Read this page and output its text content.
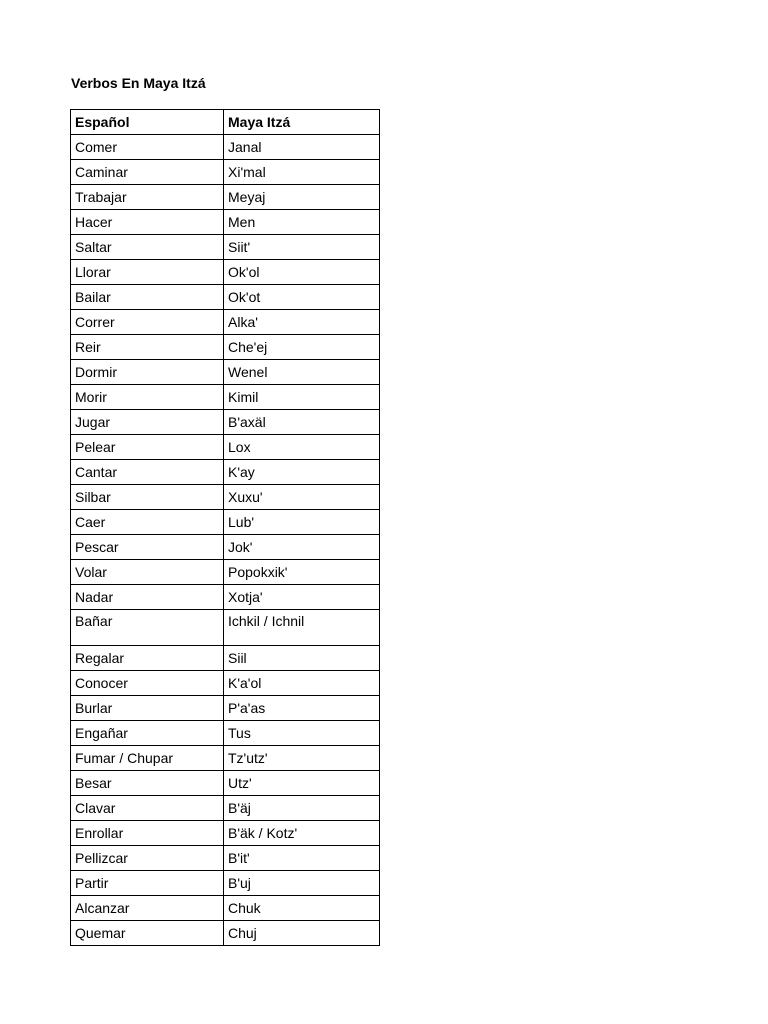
Verbos En Maya Itzá
Español	Maya Itzá
Comer	Janal
Caminar	Xi'mal
Trabajar	Meyaj
Hacer	Men
Saltar	Siit'
Llorar	Ok'ol
Bailar	Ok'ot
Correr	Alka'
Reir	Che'ej
Dormir	Wenel
Morir	Kimil
Jugar	B'axäl
Pelear	Lox
Cantar	K'ay
Silbar	Xuxu'
Caer	Lub'
Pescar	Jok'
Volar	Popokxik'
Nadar	Xotja'
Bañar	Ichkil / Ichnil
Regalar	Siil
Conocer	K'a'ol
Burlar	P'a'as
Engañar	Tus
Fumar / Chupar	Tz'utz'
Besar	Utz'
Clavar	B'äj
Enrollar	B'äk / Kotz'
Pellizcar	B'it'
Partir	B'uj
Alcanzar	Chuk
Quemar	Chuj
